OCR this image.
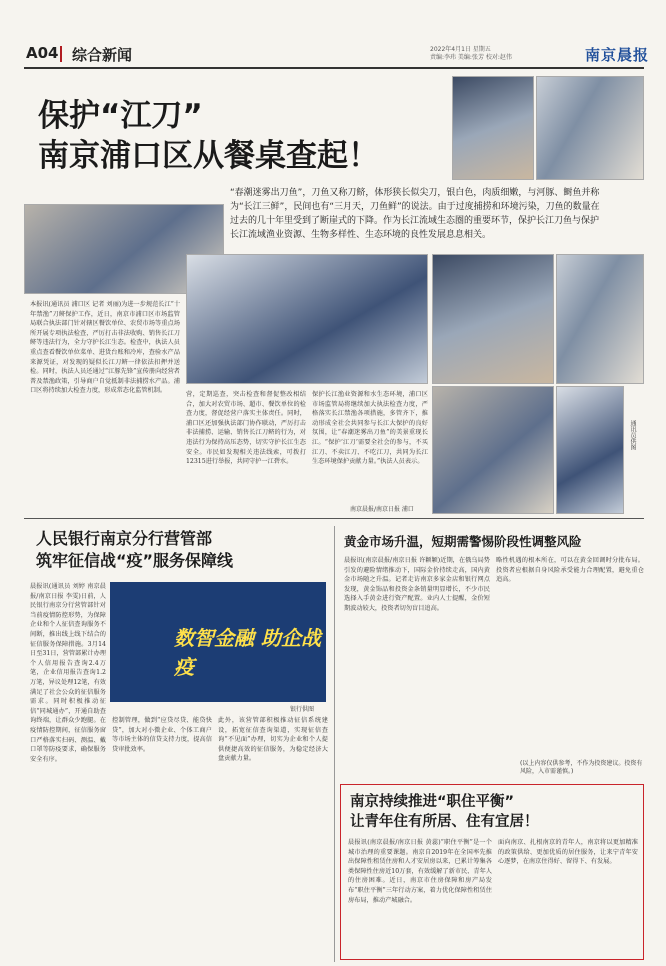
A04 综合新闻	2022年4月1日 星期五
责编:李玮 美编:张芳 校对:赵伟	南京晨报
保护“江刀”
南京浦口区从餐桌查起！
“春潮迷雾出刀鱼”，刀鱼又称刀鲚，体形狭长似尖刀，银白色，肉质细嫩，与河豚、鲥鱼并称为“长江三鲜”，民间也有“三月天，刀鱼鲜”的说法。由于过度捕捞和环境污染，刀鱼的数量在过去的几十年里受到了断崖式的下降。作为长江流域生态圈的重要环节，保护长江刀鱼与保护长江流域渔业资源、生物多样性、生态环境的良性发展息息相关。
通讯员供图
本报讯(通讯员 浦口区 记者 刘丽)为进一步规范长江“十年禁渔”刀鲚保护工作，近日，南京市浦口区市场监管局联合执法部门针对辖区餐饮单位、农贸市场等重点场所开展专项执法检查，严厉打击非法收购、销售长江刀鲚等违法行为，全力守护长江生态。检查中，执法人员重点查看餐饮单位菜单、进货台账和冷库，查验水产品来源凭证，对发现的疑似长江刀鲚一律依法扣押并送检。同时，执法人员还通过“江豚先锋”宣传册向经营者普及禁渔政策，引导商户自觉抵制非法捕捞水产品。浦口区将持续加大检查力度，形成常态化监管机制。
营，定期巡查，突击检查和督促整改相结合，加大对农贸市场、超市、餐饮单位的检查力度，督促经营户落实主体责任。同时，浦口区还加强执法部门协作联动，严厉打击非法捕捞、运输、销售长江刀鲚的行为，对违法行为保持高压态势，切实守护长江生态安全。市民如发现相关违法线索，可拨打12315进行举报，共同守护一江碧水。
保护长江渔业资源和水生态环境，浦口区市场监管局将继续加大执法检查力度，严格落实长江禁渔各项措施，多管齐下，推动形成全社会共同参与长江大保护的良好氛围，让“春潮迷雾出刀鱼”的美景重现长江。“保护‘江刀’需要全社会的参与，不买江刀、不卖江刀、不吃江刀，共同为长江生态环境保护贡献力量。”执法人员表示。
南京晨报/南京日报 浦口
人民银行南京分行营管部
筑牢征信战“疫”服务保障线
数智金融 助企战疫
银行供图
晨报讯(通讯员 刘婷 南京晨报/南京日报 李雯)日前，人民银行南京分行营管部针对当前疫情防控形势，为保障企业和个人征信查询服务不间断，推出线上线下结合的征信服务保障措施。3月14日至31日，营管部累计办理个人信用报告查询2.4万笔，企业信用报告查询1.2万笔，异议处理12笔，有效满足了社会公众的征信服务需求。同时积极推动征信“同城通办”，开通自助查询终端，让群众少跑腿。在疫情防控期间，征信服务窗口严格落实扫码、测温、戴口罩等防疫要求，确保服务安全有序。
控制管理，做到“应贷尽贷、能贷快贷”，加大对小微企业、个体工商户等市场主体的信贷支持力度，提高信贷审批效率。
此外，该营管部积极推动征信系统建设，拓宽征信查询渠道，实现征信查询“不见面”办理，切实为企业和个人提供便捷高效的征信服务，为稳定经济大盘贡献力量。
黄金市场升温，短期需警惕阶段性调整风险
晨报讯(南京晨报/南京日报 许颖颖)近期，在俄乌局势引发的避险情绪推动下，国际金价持续走高，国内黄金市场随之升温。记者走访南京多家金店和银行网点发现，黄金饰品和投资金条销量明显增长，不少市民选择入手黄金进行资产配置。业内人士提醒，金价短期波动较大，投资者切勿盲目追高。
略性机遇的根本所在，可以在黄金回调时分批布局。投资者应根据自身风险承受能力合理配置，避免重仓追高。
(以上内容仅供参考，不作为投资建议。投资有风险，入市需谨慎。)
南京持续推进“职住平衡”
让青年住有所居、住有宜居！
晨报讯(南京晨报/南京日报 黄蕊)“职住平衡”是一个城市治理的重要课题。南京自2019年在全国率先推出保障性租赁住房和人才安居房以来，已累计筹集各类保障性住房近10万套，有效缓解了新市民、青年人的住房困难。近日，南京市住房保障和房产局发布“职住平衡”三年行动方案，着力优化保障性租赁住房布局，推动产城融合。
面向南京、扎根南京的青年人，南京将以更加精准的政策供给、更加优质的居住服务，让来宁青年安心逐梦，在南京住得好、留得下、有发展。
